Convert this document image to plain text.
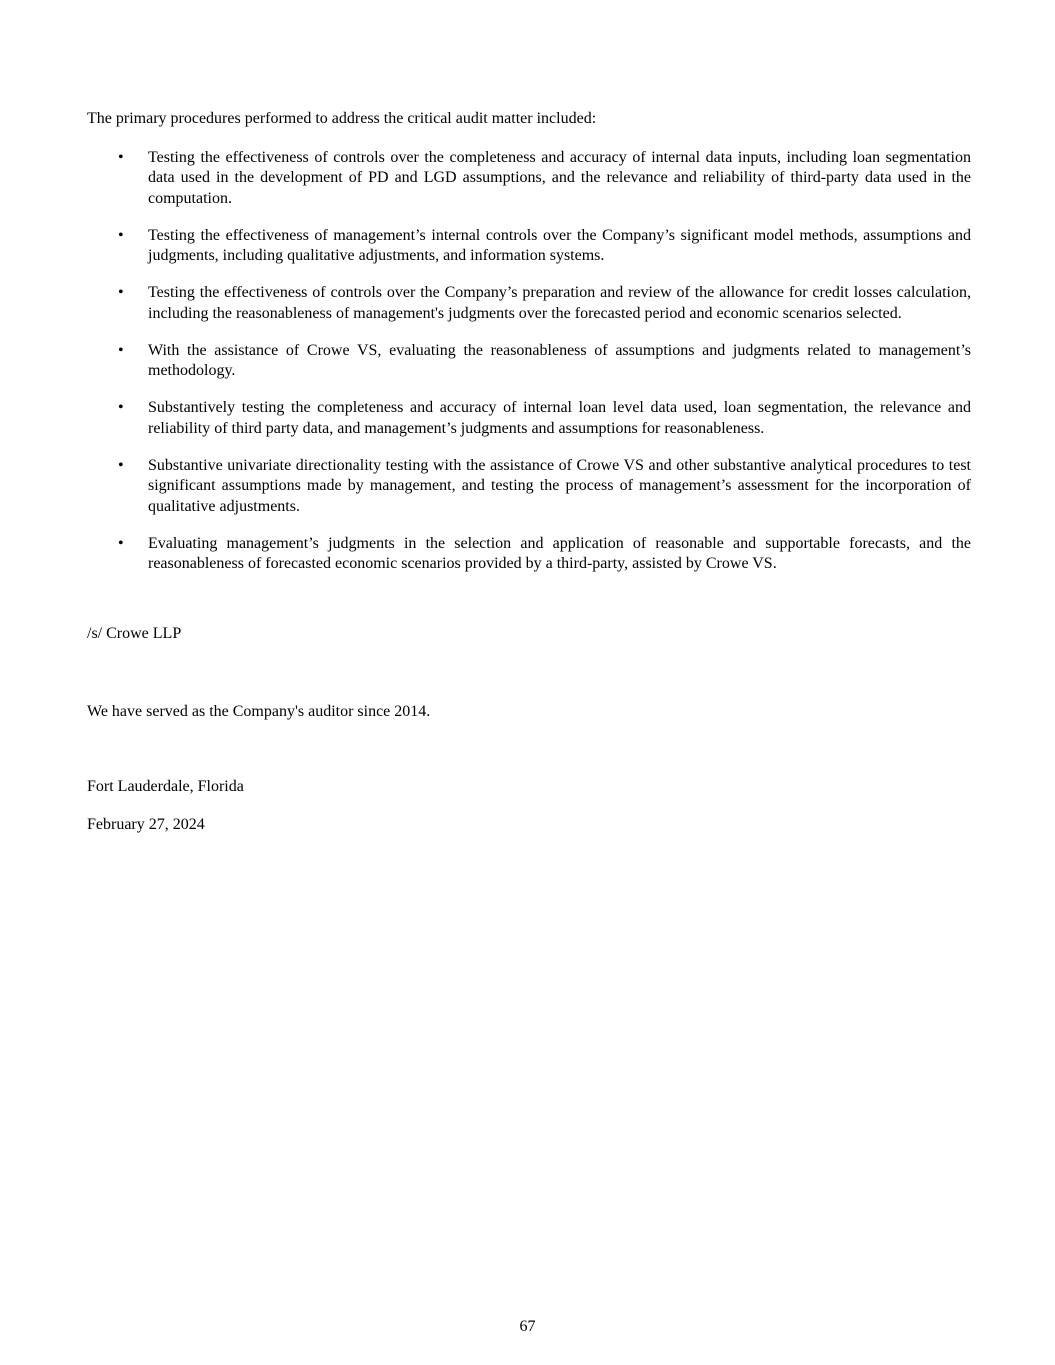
The primary procedures performed to address the critical audit matter included:

•	Testing the effectiveness of controls over the completeness and accuracy of internal data inputs, including loan segmentation data used in the development of PD and LGD assumptions, and the relevance and reliability of third-party data used in the computation.
•	Testing the effectiveness of management’s internal controls over the Company’s significant model methods, assumptions and judgments, including qualitative adjustments, and information systems.
•	Testing the effectiveness of controls over the Company’s preparation and review of the allowance for credit losses calculation, including the reasonableness of management's judgments over the forecasted period and economic scenarios selected.
•	With the assistance of Crowe VS, evaluating the reasonableness of assumptions and judgments related to management’s methodology.
•	Substantively testing the completeness and accuracy of internal loan level data used, loan segmentation, the relevance and reliability of third party data, and management’s judgments and assumptions for reasonableness.
•	Substantive univariate directionality testing with the assistance of Crowe VS and other substantive analytical procedures to test significant assumptions made by management, and testing the process of management’s assessment for the incorporation of qualitative adjustments.
•	Evaluating management’s judgments in the selection and application of reasonable and supportable forecasts, and the reasonableness of forecasted economic scenarios provided by a third-party, assisted by Crowe VS.

/s/ Crowe LLP

We have served as the Company's auditor since 2014.

Fort Lauderdale, Florida

February 27, 2024

67
